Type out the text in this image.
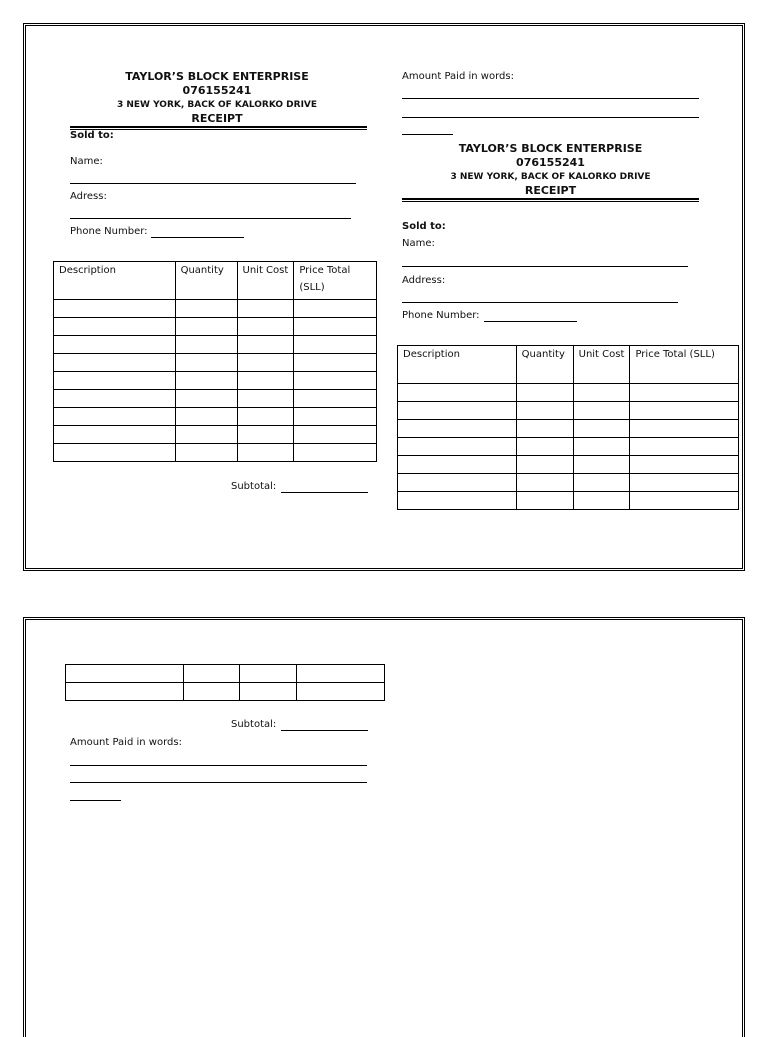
TAYLOR’S BLOCK ENTERPRISE
076155241
3 NEW YORK, BACK OF KALORKO DRIVE
RECEIPT
Sold to:
Name:
Adress:
Phone Number:
Description	Quantity	Unit Cost	Price Total (SLL)

Subtotal:
Amount Paid in words:
TAYLOR’S BLOCK ENTERPRISE
076155241
3 NEW YORK, BACK OF KALORKO DRIVE
RECEIPT
Sold to:
Name:
Address:
Phone Number:
Description	Quantity	Unit Cost	Price Total (SLL)

Subtotal:
Amount Paid in words:
